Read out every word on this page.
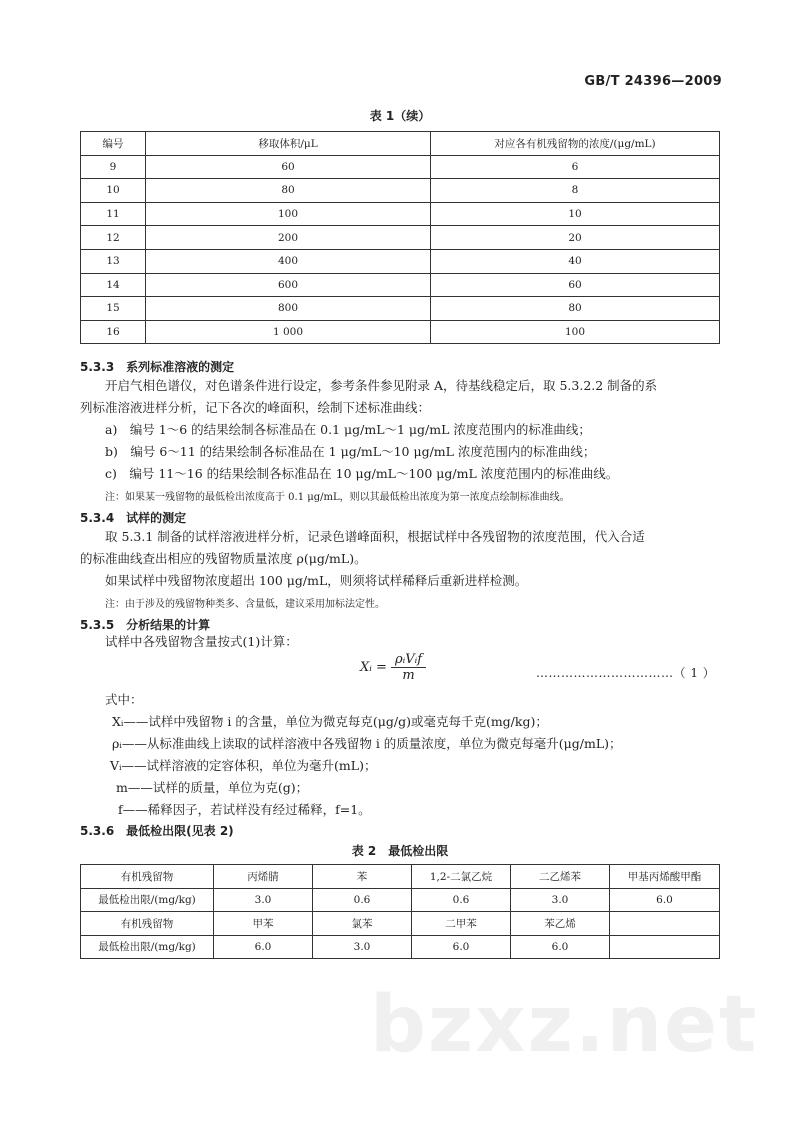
GB/T 24396—2009
表 1（续）
编号	移取体积/μL	对应各有机残留物的浓度/(μg/mL)
9	60	6
10	80	8
11	100	10
12	200	20
13	400	40
14	600	60
15	800	80
16	1 000	100
5.3.3　系列标准溶液的测定
开启气相色谱仪，对色谱条件进行设定，参考条件参见附录 A，待基线稳定后，取 5.3.2.2 制备的系
列标准溶液进样分析，记下各次的峰面积，绘制下述标准曲线：
a)　编号 1～6 的结果绘制各标准品在 0.1 μg/mL～1 μg/mL 浓度范围内的标准曲线；
b)　编号 6～11 的结果绘制各标准品在 1 μg/mL～10 μg/mL 浓度范围内的标准曲线；
c)　编号 11～16 的结果绘制各标准品在 10 μg/mL～100 μg/mL 浓度范围内的标准曲线。
注：如果某一残留物的最低检出浓度高于 0.1 μg/mL，则以其最低检出浓度为第一浓度点绘制标准曲线。
5.3.4　试样的测定
取 5.3.1 制备的试样溶液进样分析，记录色谱峰面积，根据试样中各残留物的浓度范围，代入合适
的标准曲线查出相应的残留物质量浓度 ρ(μg/mL)。
如果试样中残留物浓度超出 100 μg/mL，则须将试样稀释后重新进样检测。
注：由于涉及的残留物种类多、含量低，建议采用加标法定性。
5.3.5　分析结果的计算
试样中各残留物含量按式(1)计算：
Xᵢ = $\frac{\text{ρᵢVᵢf}}{m}$	……………………………（ 1 ）
式中：
Xᵢ——试样中残留物 i 的含量，单位为微克每克(μg/g)或毫克每千克(mg/kg)；
ρᵢ——从标准曲线上读取的试样溶液中各残留物 i 的质量浓度，单位为微克每毫升(μg/mL)；
Vᵢ——试样溶液的定容体积，单位为毫升(mL)；
m——试样的质量，单位为克(g)；
f——稀释因子，若试样没有经过稀释，f=1。
5.3.6　最低检出限(见表 2)
表 2　最低检出限
有机残留物	丙烯腈	苯	1,2-二氯乙烷	二乙烯苯	甲基丙烯酸甲酯
最低检出限/(mg/kg)	3.0	0.6	0.6	3.0	6.0
有机残留物	甲苯	氯苯	二甲苯	苯乙烯	
最低检出限/(mg/kg)	6.0	3.0	6.0	6.0	
bzxz.net
